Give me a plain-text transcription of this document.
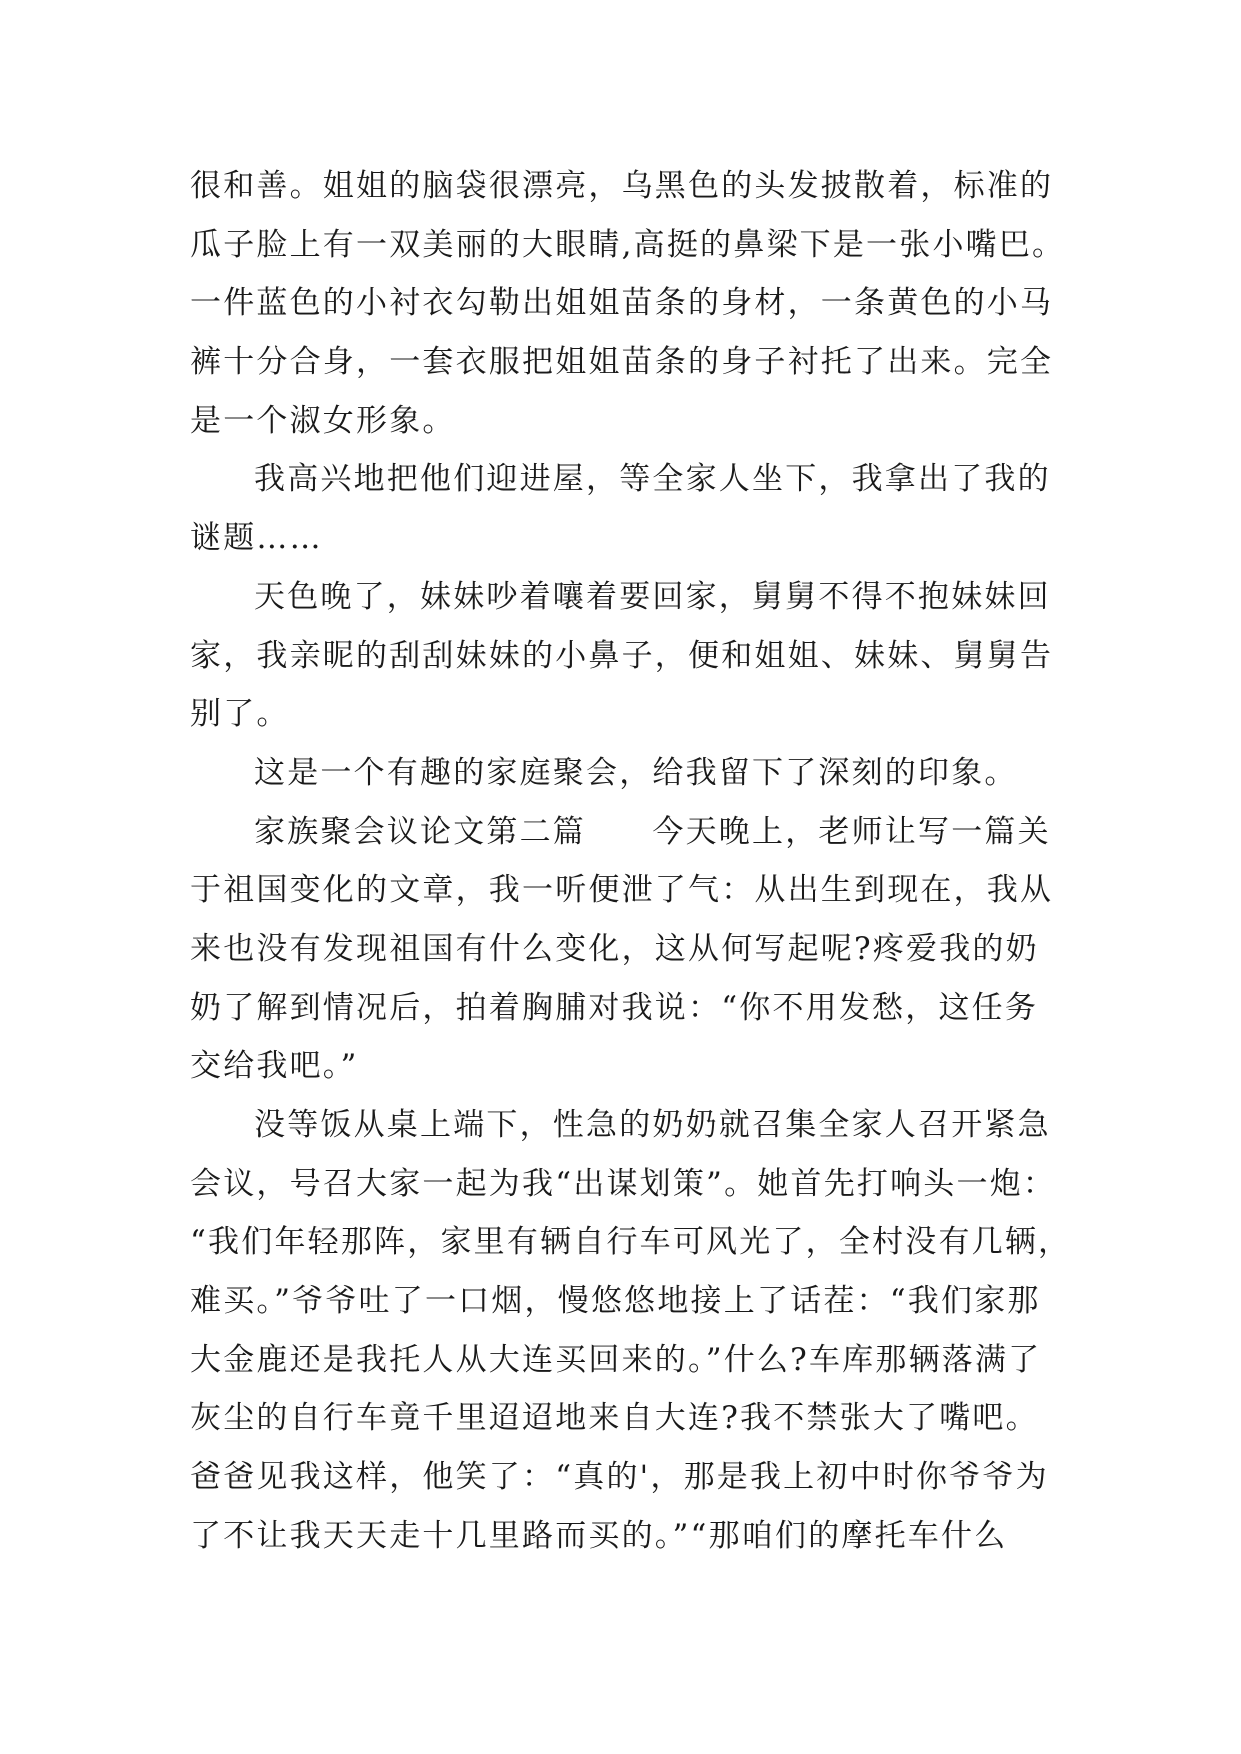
很和善。姐姐的脑袋很漂亮，乌黑色的头发披散着，标准的
瓜子脸上有一双美丽的大眼睛,高挺的鼻梁下是一张小嘴巴。
一件蓝色的小衬衣勾勒出姐姐苗条的身材，一条黄色的小马
裤十分合身，一套衣服把姐姐苗条的身子衬托了出来。完全
是一个淑女形象。
我高兴地把他们迎进屋，等全家人坐下，我拿出了我的
谜题……
天色晚了，妹妹吵着嚷着要回家，舅舅不得不抱妹妹回
家，我亲昵的刮刮妹妹的小鼻子，便和姐姐、妹妹、舅舅告
别了。
这是一个有趣的家庭聚会，给我留下了深刻的印象。
家族聚会议论文第二篇　　今天晚上，老师让写一篇关
于祖国变化的文章，我一听便泄了气：从出生到现在，我从
来也没有发现祖国有什么变化，这从何写起呢?疼爱我的奶
奶了解到情况后，拍着胸脯对我说：“你不用发愁，这任务
交给我吧。”
没等饭从桌上端下，性急的奶奶就召集全家人召开紧急
会议，号召大家一起为我“出谋划策”。她首先打响头一炮：
“我们年轻那阵，家里有辆自行车可风光了，全村没有几辆，
难买。”爷爷吐了一口烟，慢悠悠地接上了话茬：“我们家那
大金鹿还是我托人从大连买回来的。”什么?车库那辆落满了
灰尘的自行车竟千里迢迢地来自大连?我不禁张大了嘴吧。
爸爸见我这样，他笑了：“真的'，那是我上初中时你爷爷为
了不让我天天走十几里路而买的。”“那咱们的摩托车什么
